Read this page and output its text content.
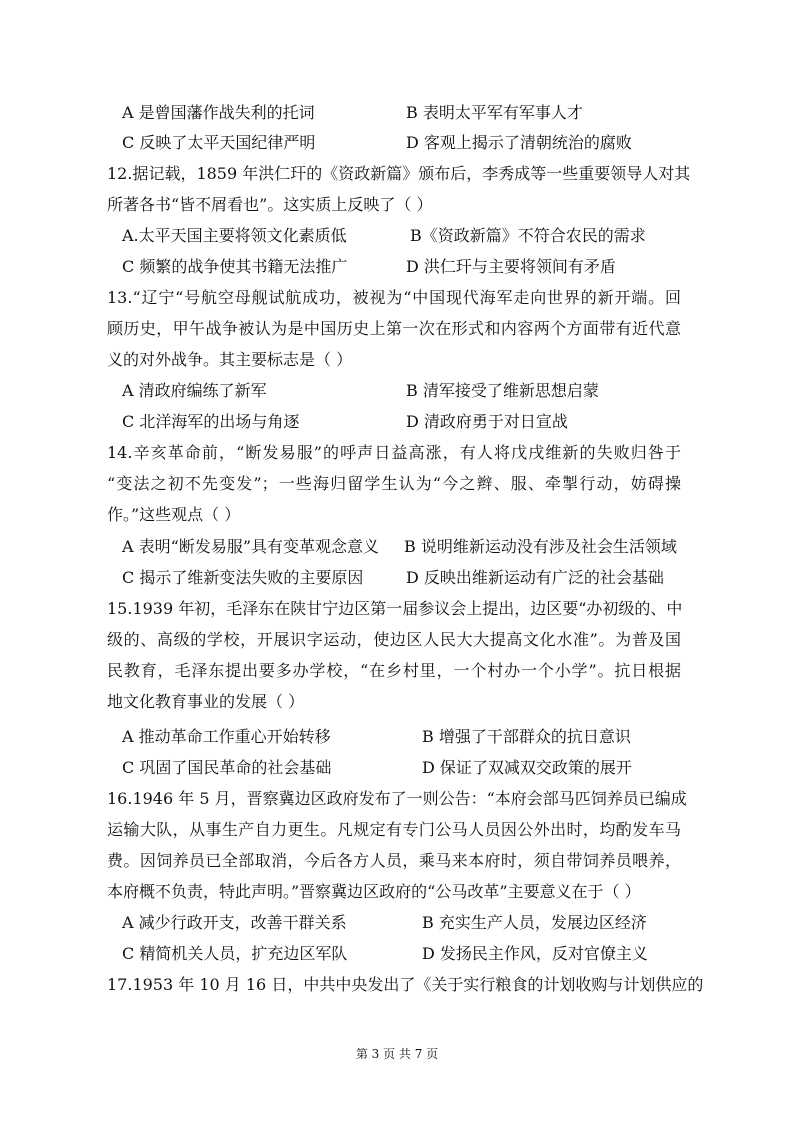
A 是曾国藩作战失利的托词	B 表明太平军有军事人才
C 反映了太平天国纪律严明	D 客观上揭示了清朝统治的腐败
12.据记载，1859 年洪仁玕的《资政新篇》颁布后，李秀成等一些重要领导人对其
所著各书“皆不屑看也”。这实质上反映了（ ）
A.太平天国主要将领文化素质低	B《资政新篇》不符合农民的需求
C 频繁的战争使其书籍无法推广	D 洪仁玕与主要将领间有矛盾
13.“辽宁“号航空母舰试航成功，被视为“中国现代海军走向世界的新开端。回
顾历史，甲午战争被认为是中国历史上第一次在形式和内容两个方面带有近代意
义的对外战争。其主要标志是（ ）
A 清政府编练了新军	B 清军接受了维新思想启蒙
C 北洋海军的出场与角逐	D 清政府勇于对日宣战
14.辛亥革命前，“断发易服”的呼声日益高涨，有人将戊戌维新的失败归咎于
“变法之初不先变发”；一些海归留学生认为“今之辫、服、牵掣行动，妨碍操
作。”这些观点（ ）
A 表明“断发易服”具有变革观念意义 B 说明维新运动没有涉及社会生活领域
C 揭示了维新变法失败的主要原因	D 反映出维新运动有广泛的社会基础
15.1939 年初，毛泽东在陕甘宁边区第一届参议会上提出，边区要“办初级的、中
级的、高级的学校，开展识字运动，使边区人民大大提高文化水准”。为普及国
民教育，毛泽东提出要多办学校，“在乡村里，一个村办一个小学”。抗日根据
地文化教育事业的发展（ ）
A 推动革命工作重心开始转移	B 增强了干部群众的抗日意识
C 巩固了国民革命的社会基础	D 保证了双减双交政策的展开
16.1946 年 5 月，晋察冀边区政府发布了一则公告：“本府会部马匹饲养员已编成
运输大队，从事生产自力更生。凡规定有专门公马人员因公外出时，均酌发车马
费。因饲养员已全部取消，今后各方人员，乘马来本府时，须自带饲养员喂养，
本府概不负责，特此声明。”晋察冀边区政府的“公马改革”主要意义在于（ ）
A 减少行政开支，改善干群关系	B 充实生产人员，发展边区经济
C 精简机关人员，扩充边区军队	D 发扬民主作风，反对官僚主义
17.1953 年 10 月 16 日，中共中央发出了《关于实行粮食的计划收购与计划供应的
第 3 页 共 7 页
